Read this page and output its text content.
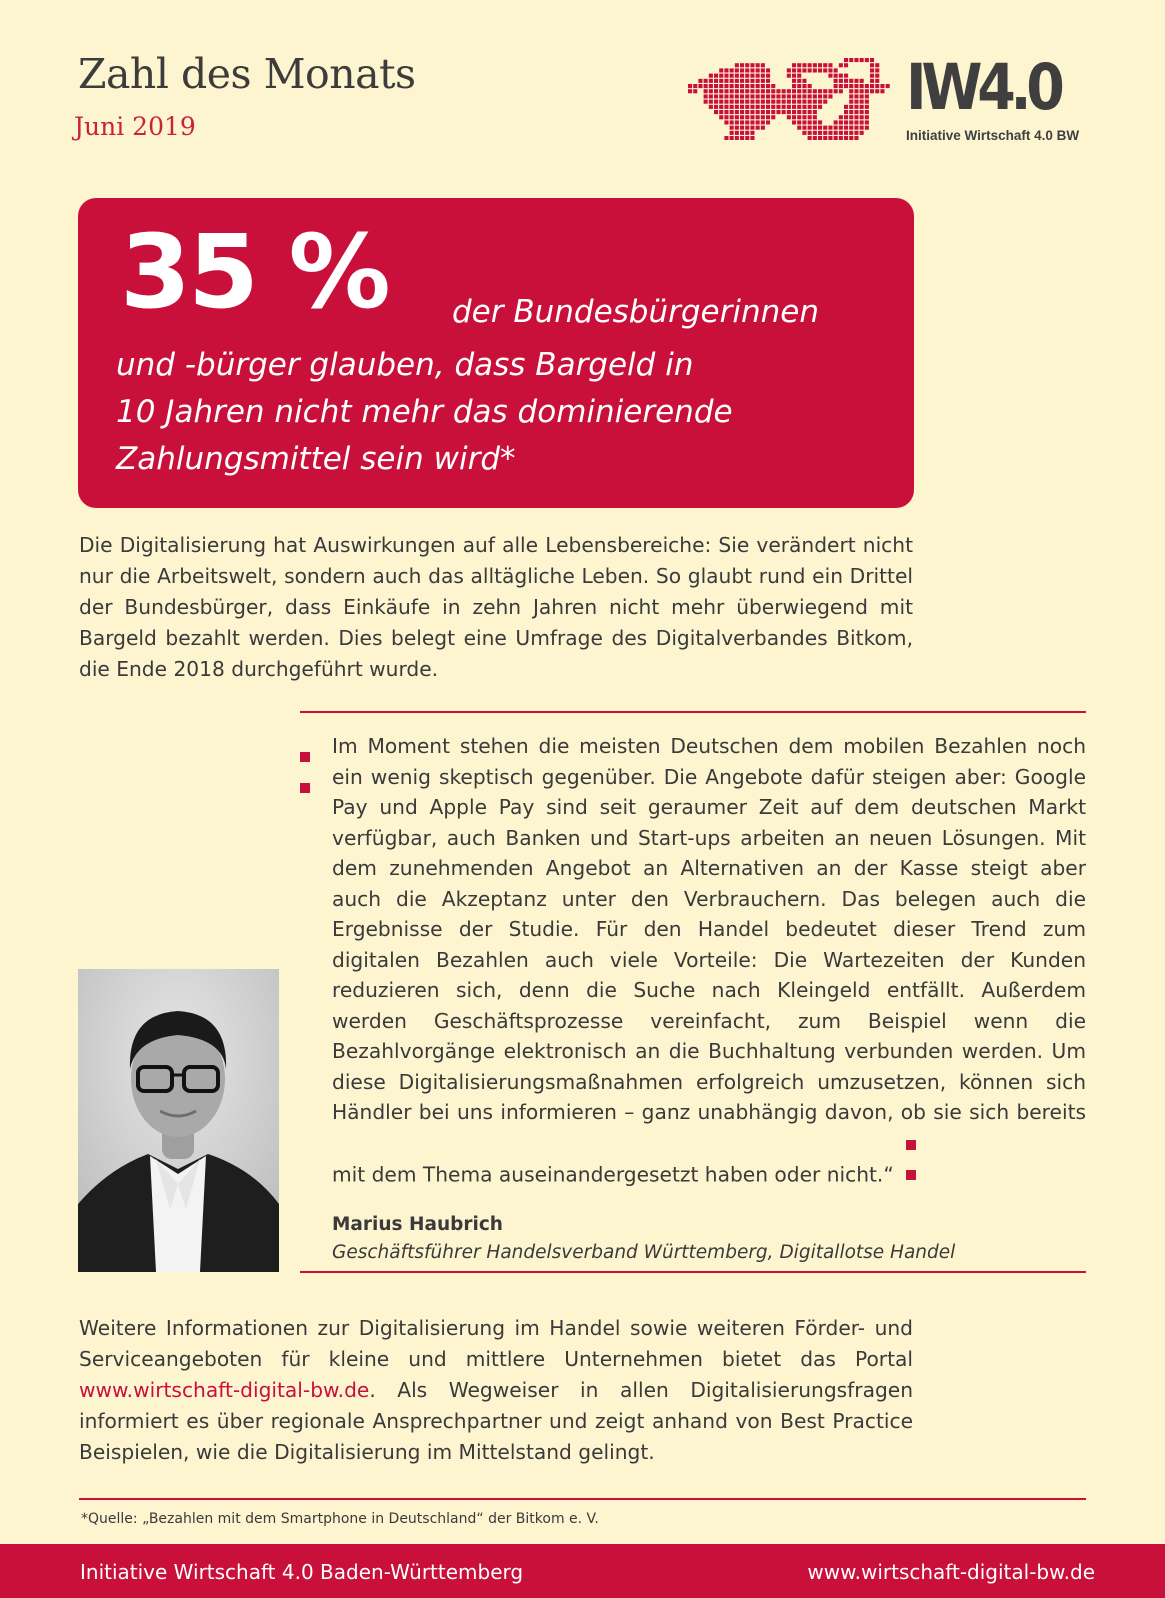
Zahl des Monats
Juni 2019
IW4.0
Initiative Wirtschaft 4.0 BW
35 % der Bundesbürgerinnen
und -bürger glauben, dass Bargeld in
10 Jahren nicht mehr das dominierende
Zahlungsmittel sein wird*

Die Digitalisierung hat Auswirkungen auf alle Lebensbereiche: Sie verändert nicht nur die Arbeitswelt, sondern auch das alltägliche Leben. So glaubt rund ein Drittel der Bundesbürger, dass Einkäufe in zehn Jahren nicht mehr überwiegend mit Bargeld bezahlt werden. Dies belegt eine Umfrage des Digitalverbandes Bitkom, die Ende 2018 durchgeführt wurde.

Im Moment stehen die meisten Deutschen dem mobilen Bezahlen noch ein wenig skeptisch gegenüber. Die Angebote dafür steigen aber: Google Pay und Apple Pay sind seit geraumer Zeit auf dem deutschen Markt verfügbar, auch Banken und Start-ups arbeiten an neuen Lösungen. Mit dem zunehmenden Angebot an Alternativen an der Kasse steigt aber auch die Akzeptanz unter den Verbrauchern. Das belegen auch die Ergebnisse der Studie. Für den Handel bedeutet dieser Trend zum digitalen Bezahlen auch viele Vorteile: Die Wartezeiten der Kunden reduzieren sich, denn die Suche nach Kleingeld entfällt. Außerdem werden Geschäftsprozesse vereinfacht, zum Beispiel wenn die Bezahlvorgänge elektronisch an die Buchhaltung verbunden werden. Um diese Digitalisierungsmaßnahmen erfolgreich umzusetzen, können sich Händler bei uns informieren – ganz unabhängig davon, ob sie sich bereits mit dem Thema auseinandergesetzt haben oder nicht.“
Marius Haubrich
Geschäftsführer Handelsverband Württemberg, Digitallotse Handel

Weitere Informationen zur Digitalisierung im Handel sowie weiteren Förder- und Serviceangeboten für kleine und mittlere Unternehmen bietet das Portal www.wirtschaft-digital-bw.de. Als Wegweiser in allen Digitalisierungsfragen informiert es über regionale Ansprechpartner und zeigt anhand von Best Practice Beispielen, wie die Digitalisierung im Mittelstand gelingt.

*Quelle: „Bezahlen mit dem Smartphone in Deutschland“ der Bitkom e. V.
Initiative Wirtschaft 4.0 Baden-Württemberg	www.wirtschaft-digital-bw.de
